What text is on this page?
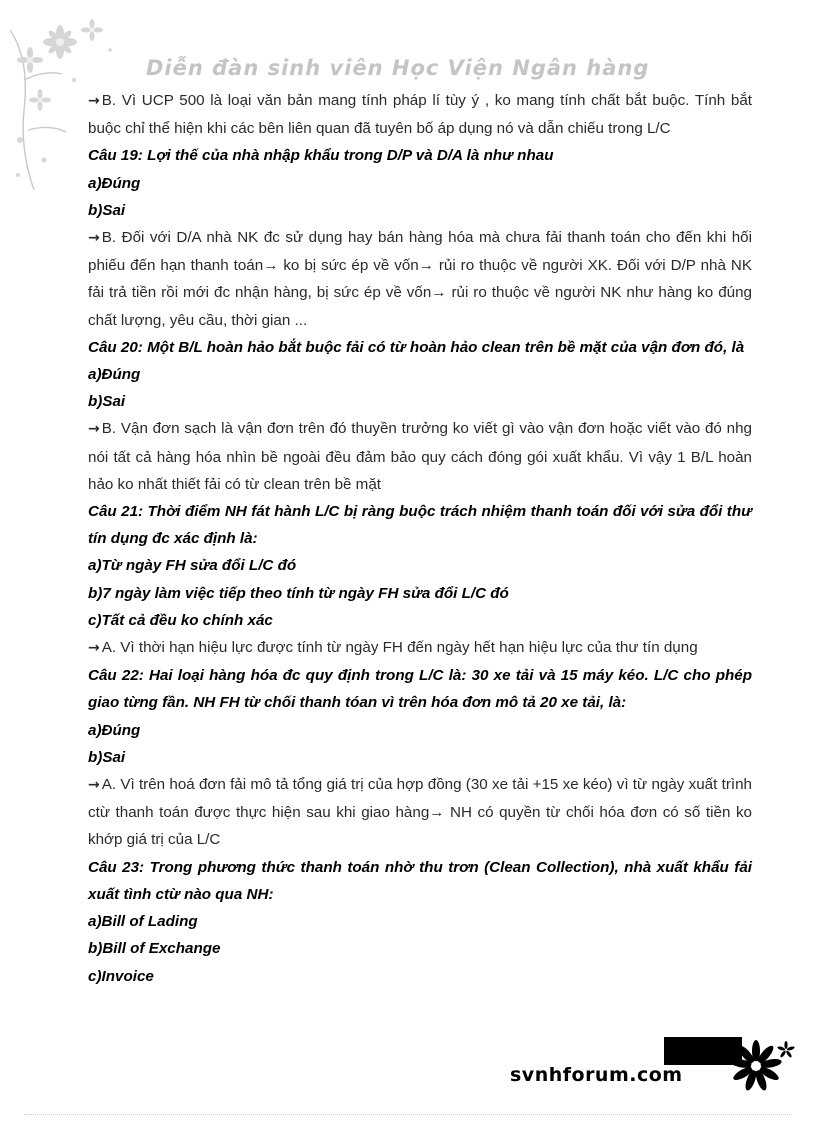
Diễn đàn sinh viên Học Viện Ngân hàng

→ B. Vì UCP 500 là loại văn bản mang tính pháp lí tùy ý , ko mang tính chất bắt buộc. Tính bắt buộc chỉ thể hiện khi các bên liên quan đã tuyên bố áp dụng nó và dẫn chiếu trong L/C

Câu 19: Lợi thế của nhà nhập khẩu trong D/P và D/A là như nhau

a)Đúng

b)Sai

→ B. Đối với D/A nhà NK đc sử dụng hay bán hàng hóa mà chưa fải thanh toán cho đến khi hối phiếu đến hạn thanh toán→ ko bị sức ép về vốn→ rủi ro thuộc về người XK. Đối với D/P nhà NK fải trả tiền rồi mới đc nhận hàng, bị sức ép về vốn→ rủi ro thuộc về người NK như hàng ko đúng chất lượng, yêu cầu, thời gian ...

Câu 20: Một B/L hoàn hảo bắt buộc fải có từ hoàn hảo clean trên bề mặt của vận đơn đó, là

a)Đúng

b)Sai

→ B. Vận đơn sạch là vận đơn trên đó thuyền trưởng ko viết gì vào vận đơn hoặc viết vào đó nhg nói tất cả hàng hóa nhìn bề ngoài đều đảm bảo quy cách đóng gói xuất khẩu. Vì vậy 1 B/L hoàn hảo ko nhất thiết fải có từ clean trên bề mặt

Câu 21: Thời điểm NH fát hành L/C bị ràng buộc trách nhiệm thanh toán đối với sửa đổi thư tín dụng đc xác định là:

a)Từ ngày FH sửa đổi L/C đó

b)7 ngày làm việc tiếp theo tính từ ngày FH sửa đổi L/C đó

c)Tất cả đều ko chính xác

→ A. Vì thời hạn hiệu lực được tính từ ngày FH đến ngày hết hạn hiệu lực của thư tín dụng

Câu 22: Hai loại hàng hóa đc quy định trong L/C là: 30 xe tải và 15 máy kéo. L/C cho phép giao từng fần. NH FH từ chối thanh tóan vì trên hóa đơn mô tả 20 xe tải, là:

a)Đúng

b)Sai

→ A. Vì trên hoá đơn fải mô tả tổng giá trị của hợp đồng (30 xe tải +15 xe kéo) vì từ ngày xuất trình ctừ thanh toán được thực hiện sau khi giao hàng→ NH có quyền từ chối hóa đơn có số tiền ko khớp giá trị của L/C

Câu 23: Trong phương thức thanh toán nhờ thu trơn (Clean Collection), nhà xuất khẩu fải xuất tình ctừ nào qua NH:

a)Bill of Lading

b)Bill of Exchange

c)Invoice

svnhforum.com
